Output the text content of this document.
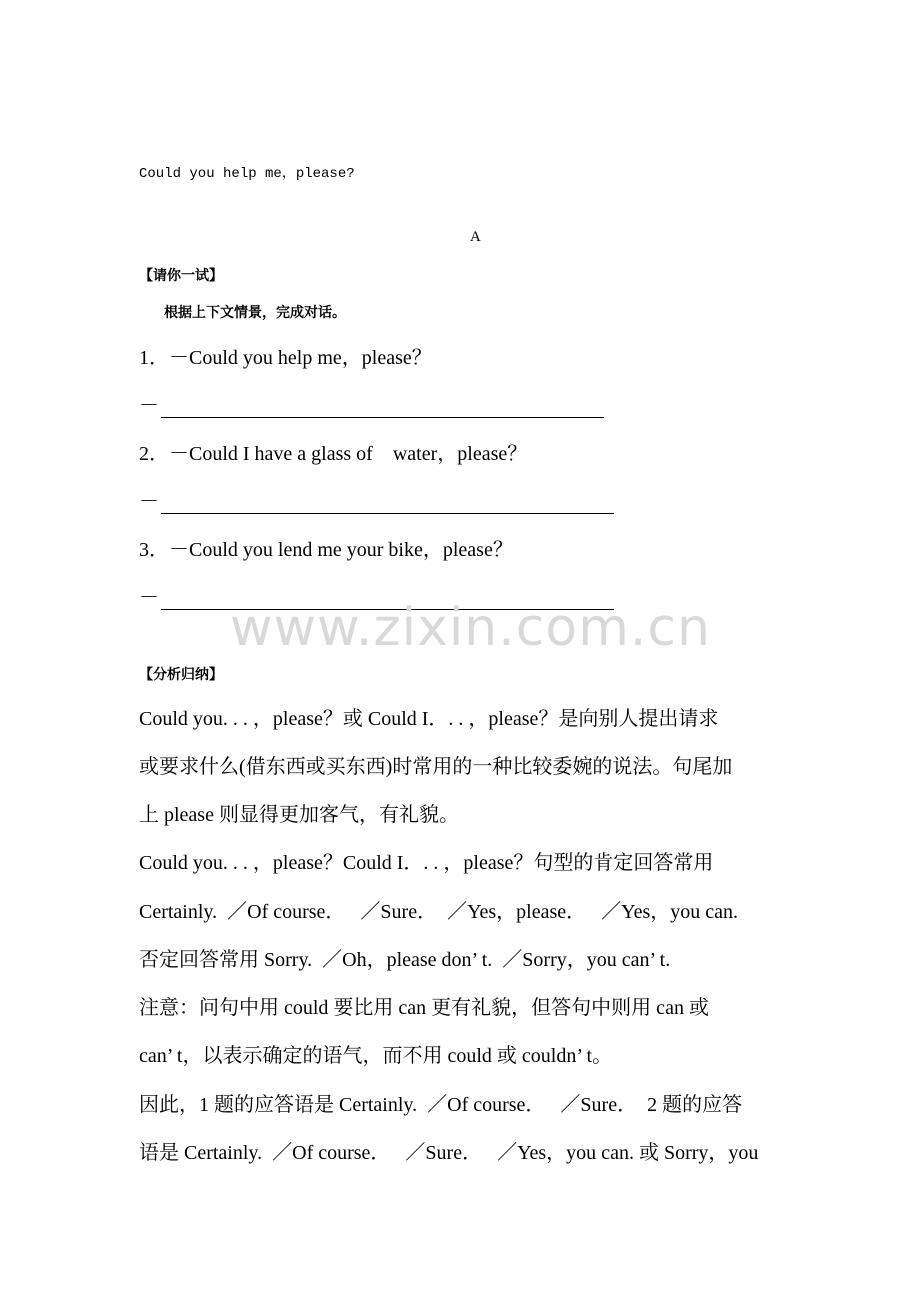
Could you help me，please?
A
【请你一试】
根据上下文情景，完成对话。
1．－Could you help me，please？
－
2．－Could I have a glass of    water，please？
－
3．－Could you lend me your bike，please？
－ www.zixin.com.cn
【分析归纳】
Could you. . . ，please？或 Could I．. . ，please？是向别人提出请求
或要求什么(借东西或买东西)时常用的一种比较委婉的说法。句尾加
上 please 则显得更加客气，有礼貌。
Could you. . . ，please？Could I．. . ，please？句型的肯定回答常用
Certainly.  ／Of course．   ／Sure．  ／Yes，please．   ／Yes，you can.
否定回答常用 Sorry.  ／Oh，please don’ t.  ／Sorry，you can’ t.
注意：问句中用 could 要比用 can 更有礼貌，但答句中则用 can 或
can’ t，以表示确定的语气，而不用 could 或 couldn’ t。
因此，1 题的应答语是 Certainly.  ／Of course．   ／Sure．  2 题的应答
语是 Certainly.  ／Of course．   ／Sure．   ／Yes，you can. 或 Sorry，you
